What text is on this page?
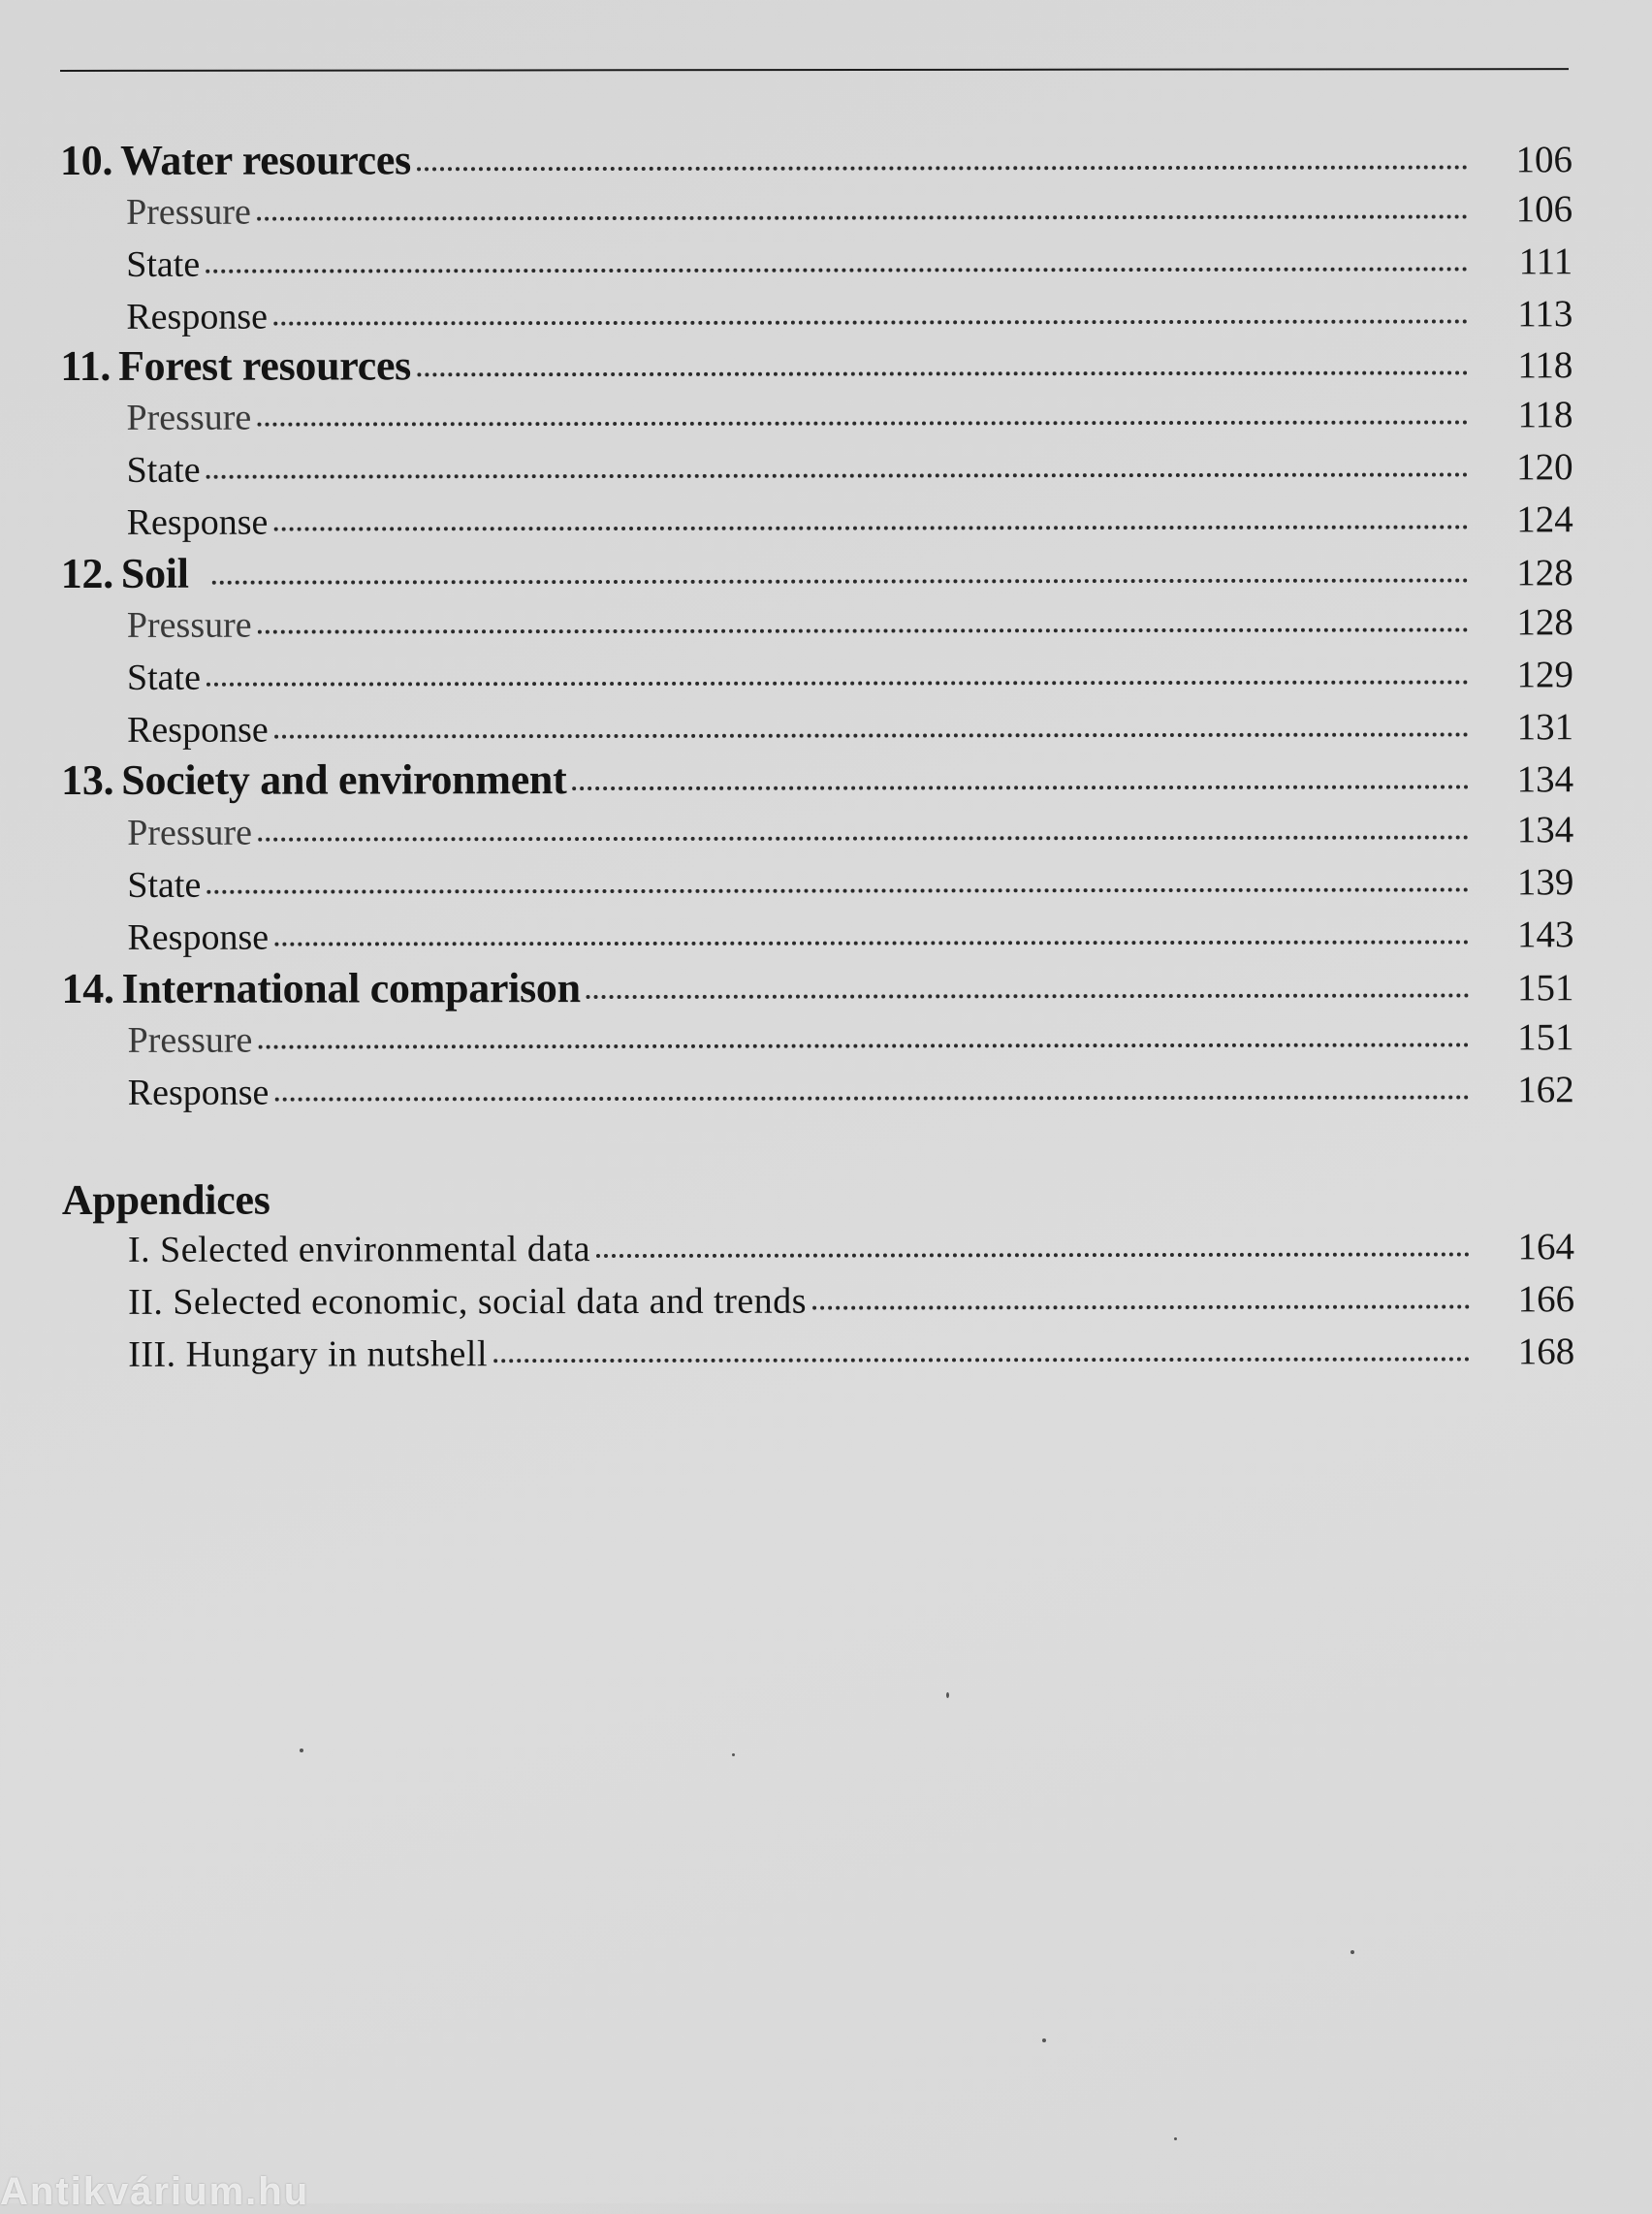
10. Water resources	106
Pressure	106
State	111
Response	113
11. Forest resources	118
Pressure	118
State	120
Response	124
12. Soil	128
Pressure	128
State	129
Response	131
13. Society and environment	134
Pressure	134
State	139
Response	143
14. International comparison	151
Pressure	151
Response	162
Appendices
I. Selected environmental data	164
II. Selected economic, social data and trends	166
III. Hungary in nutshell	168
Antikvárium.hu
